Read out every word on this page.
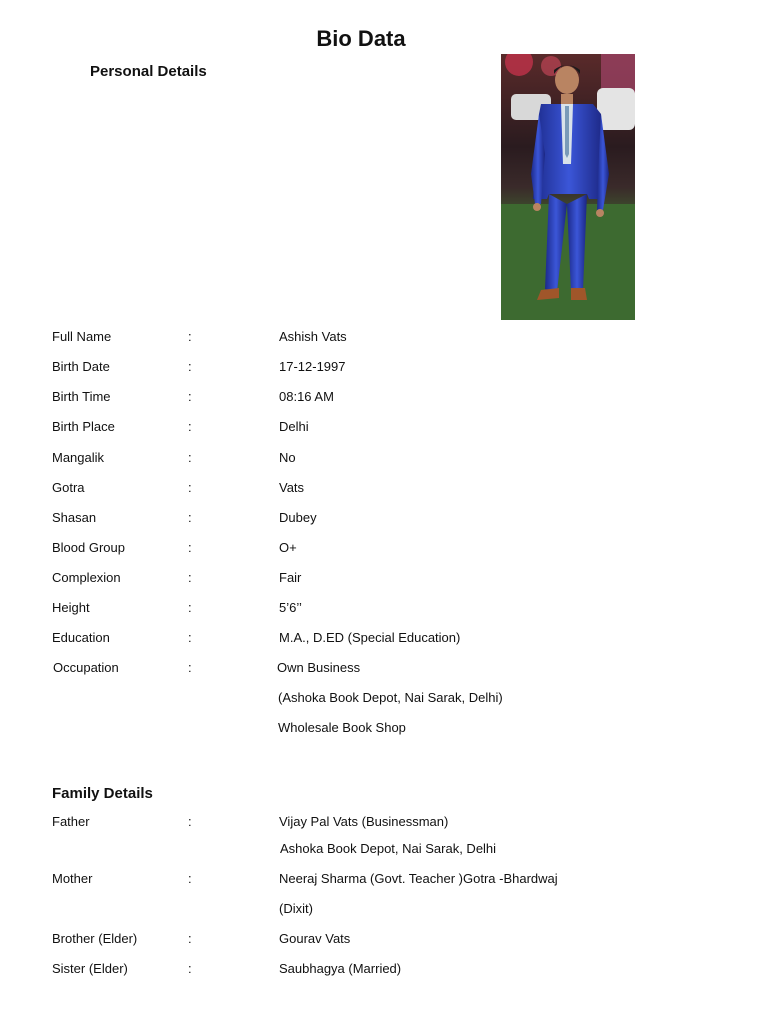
Bio Data
Personal Details
Full Name	:	Ashish Vats
Birth Date	:	17-12-1997
Birth Time	:	08:16 AM
Birth Place	:	Delhi
Mangalik	:	No
Gotra	:	Vats
Shasan	:	Dubey
Blood Group	:	O+
Complexion	:	Fair
Height	:	5’6’’
Education	:	M.A., D.ED (Special Education)
Occupation	:	Own Business
(Ashoka Book Depot, Nai Sarak, Delhi)
Wholesale Book Shop
Family Details
Father	:	Vijay Pal Vats (Businessman)
Ashoka Book Depot, Nai Sarak, Delhi
Mother	:	Neeraj Sharma (Govt. Teacher )Gotra -Bhardwaj
(Dixit)
Brother (Elder)	:	Gourav Vats
Sister (Elder)	:	Saubhagya (Married)
